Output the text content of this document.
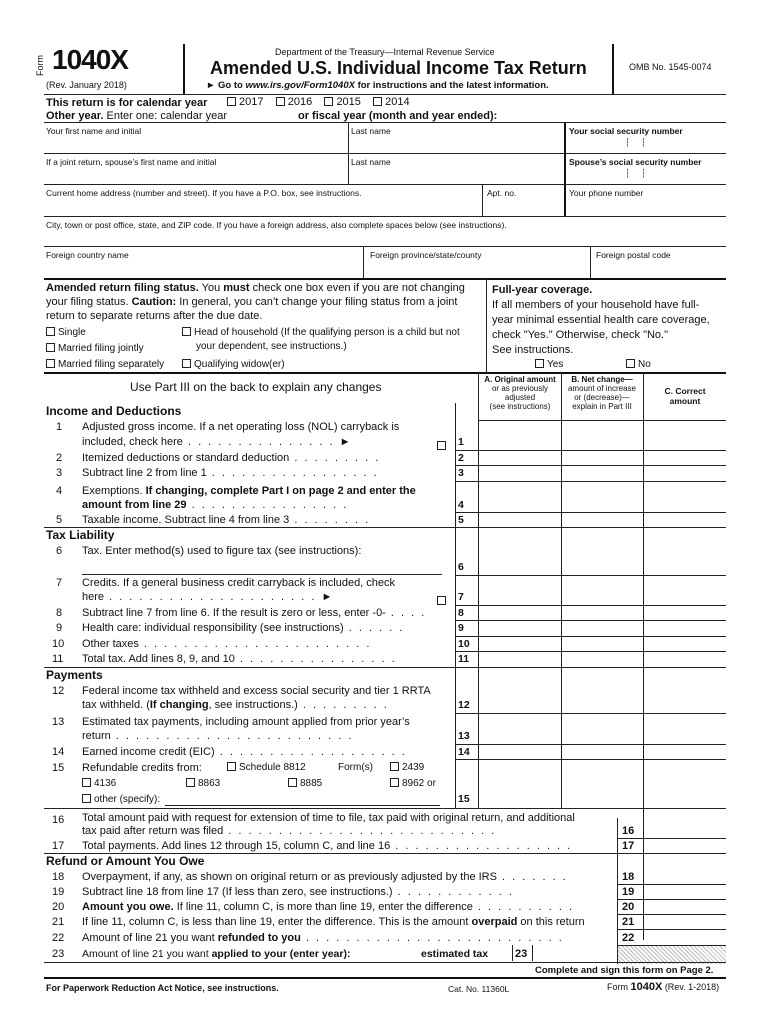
Form 1040X
(Rev. January 2018)
Department of the Treasury—Internal Revenue Service
Amended U.S. Individual Income Tax Return
► Go to www.irs.gov/Form1040X for instructions and the latest information.
OMB No. 1545-0074
This return is for calendar year	2017 2016 2015 2014
Other year. Enter one: calendar year	or fiscal year (month and year ended):
Your first name and initial	Last name	Your social security number
┆     ┆
If a joint return, spouse’s first name and initial	Last name	Spouse’s social security number
┆     ┆
Current home address (number and street). If you have a P.O. box, see instructions.	Apt. no.	Your phone number
City, town or post office, state, and ZIP code. If you have a foreign address, also complete spaces below (see instructions).
Foreign country name	Foreign province/state/county	Foreign postal code
Amended return filing status. You must check one box even if you are not changing
your filing status. Caution: In general, you can’t change your filing status from a joint
return to separate returns after the due date.
Single
Married filing jointly
Married filing separately
Head of household (If the qualifying person is a child but not
your dependent, see instructions.)
Qualifying widow(er)
Full-year coverage.
If all members of your household have full-
year minimal essential health care coverage,
check "Yes." Otherwise, check "No."
See instructions.
Yes	No
Use Part III on the back to explain any changes
A. Original amount
or as previously
adjusted
(see instructions)
B. Net change—
amount of increase
or (decrease)—
explain in Part III
C. Correct
amount
Income and Deductions
1 Adjusted gross income. If a net operating loss (NOL) carryback is
included, check here . . . . . . . . . . . . . . . ►	1
2 Itemized deductions or standard deduction . . . . . . . . .	2
3 Subtract line 2 from line 1 . . . . . . . . . . . . . . . . .	3
4 Exemptions. If changing, complete Part I on page 2 and enter the
amount from line 29 . . . . . . . . . . . . . . . .	4
5 Taxable income. Subtract line 4 from line 3 . . . . . . . .	5
Tax Liability
6 Tax. Enter method(s) used to figure tax (see instructions):
6
7 Credits. If a general business credit carryback is included, check
here . . . . . . . . . . . . . . . . . . . . . ►	7
8 Subtract line 7 from line 6. If the result is zero or less, enter -0- . . . .	8
9 Health care: individual responsibility (see instructions) . . . . . .	9
10 Other taxes . . . . . . . . . . . . . . . . . . . . . . .	10
11 Total tax. Add lines 8, 9, and 10 . . . . . . . . . . . . . . . .	11
Payments
12 Federal income tax withheld and excess social security and tier 1 RRTA
tax withheld. (If changing, see instructions.) . . . . . . . . .	12
13 Estimated tax payments, including amount applied from prior year’s
return . . . . . . . . . . . . . . . . . . . . . . . .	13
14 Earned income credit (EIC) . . . . . . . . . . . . . . . . . . .	14
15 Refundable credits from:	Schedule 8812	Form(s)	2439
4136	8863	8885	8962 or
other (specify):	15
16 Total amount paid with request for extension of time to file, tax paid with original return, and additional
tax paid after return was filed . . . . . . . . . . . . . . . . . . . . . . . . . . .	16
17 Total payments. Add lines 12 through 15, column C, and line 16 . . . . . . . . . . . . . . . . . .	17
Refund or Amount You Owe
18 Overpayment, if any, as shown on original return or as previously adjusted by the IRS . . . . . . .	18
19 Subtract line 18 from line 17 (If less than zero, see instructions.) . . . . . . . . . . . .	19
20 Amount you owe. If line 11, column C, is more than line 19, enter the difference . . . . . . . . . .	20
21 If line 11, column C, is less than line 19, enter the difference. This is the amount overpaid on this return	21
22 Amount of line 21 you want refunded to you . . . . . . . . . . . . . . . . . . . . . . . . . .	22
23 Amount of line 21 you want applied to your (enter year):	estimated tax 23
Complete and sign this form on Page 2.
For Paperwork Reduction Act Notice, see instructions.	Cat. No. 11360L	Form 1040X (Rev. 1-2018)
